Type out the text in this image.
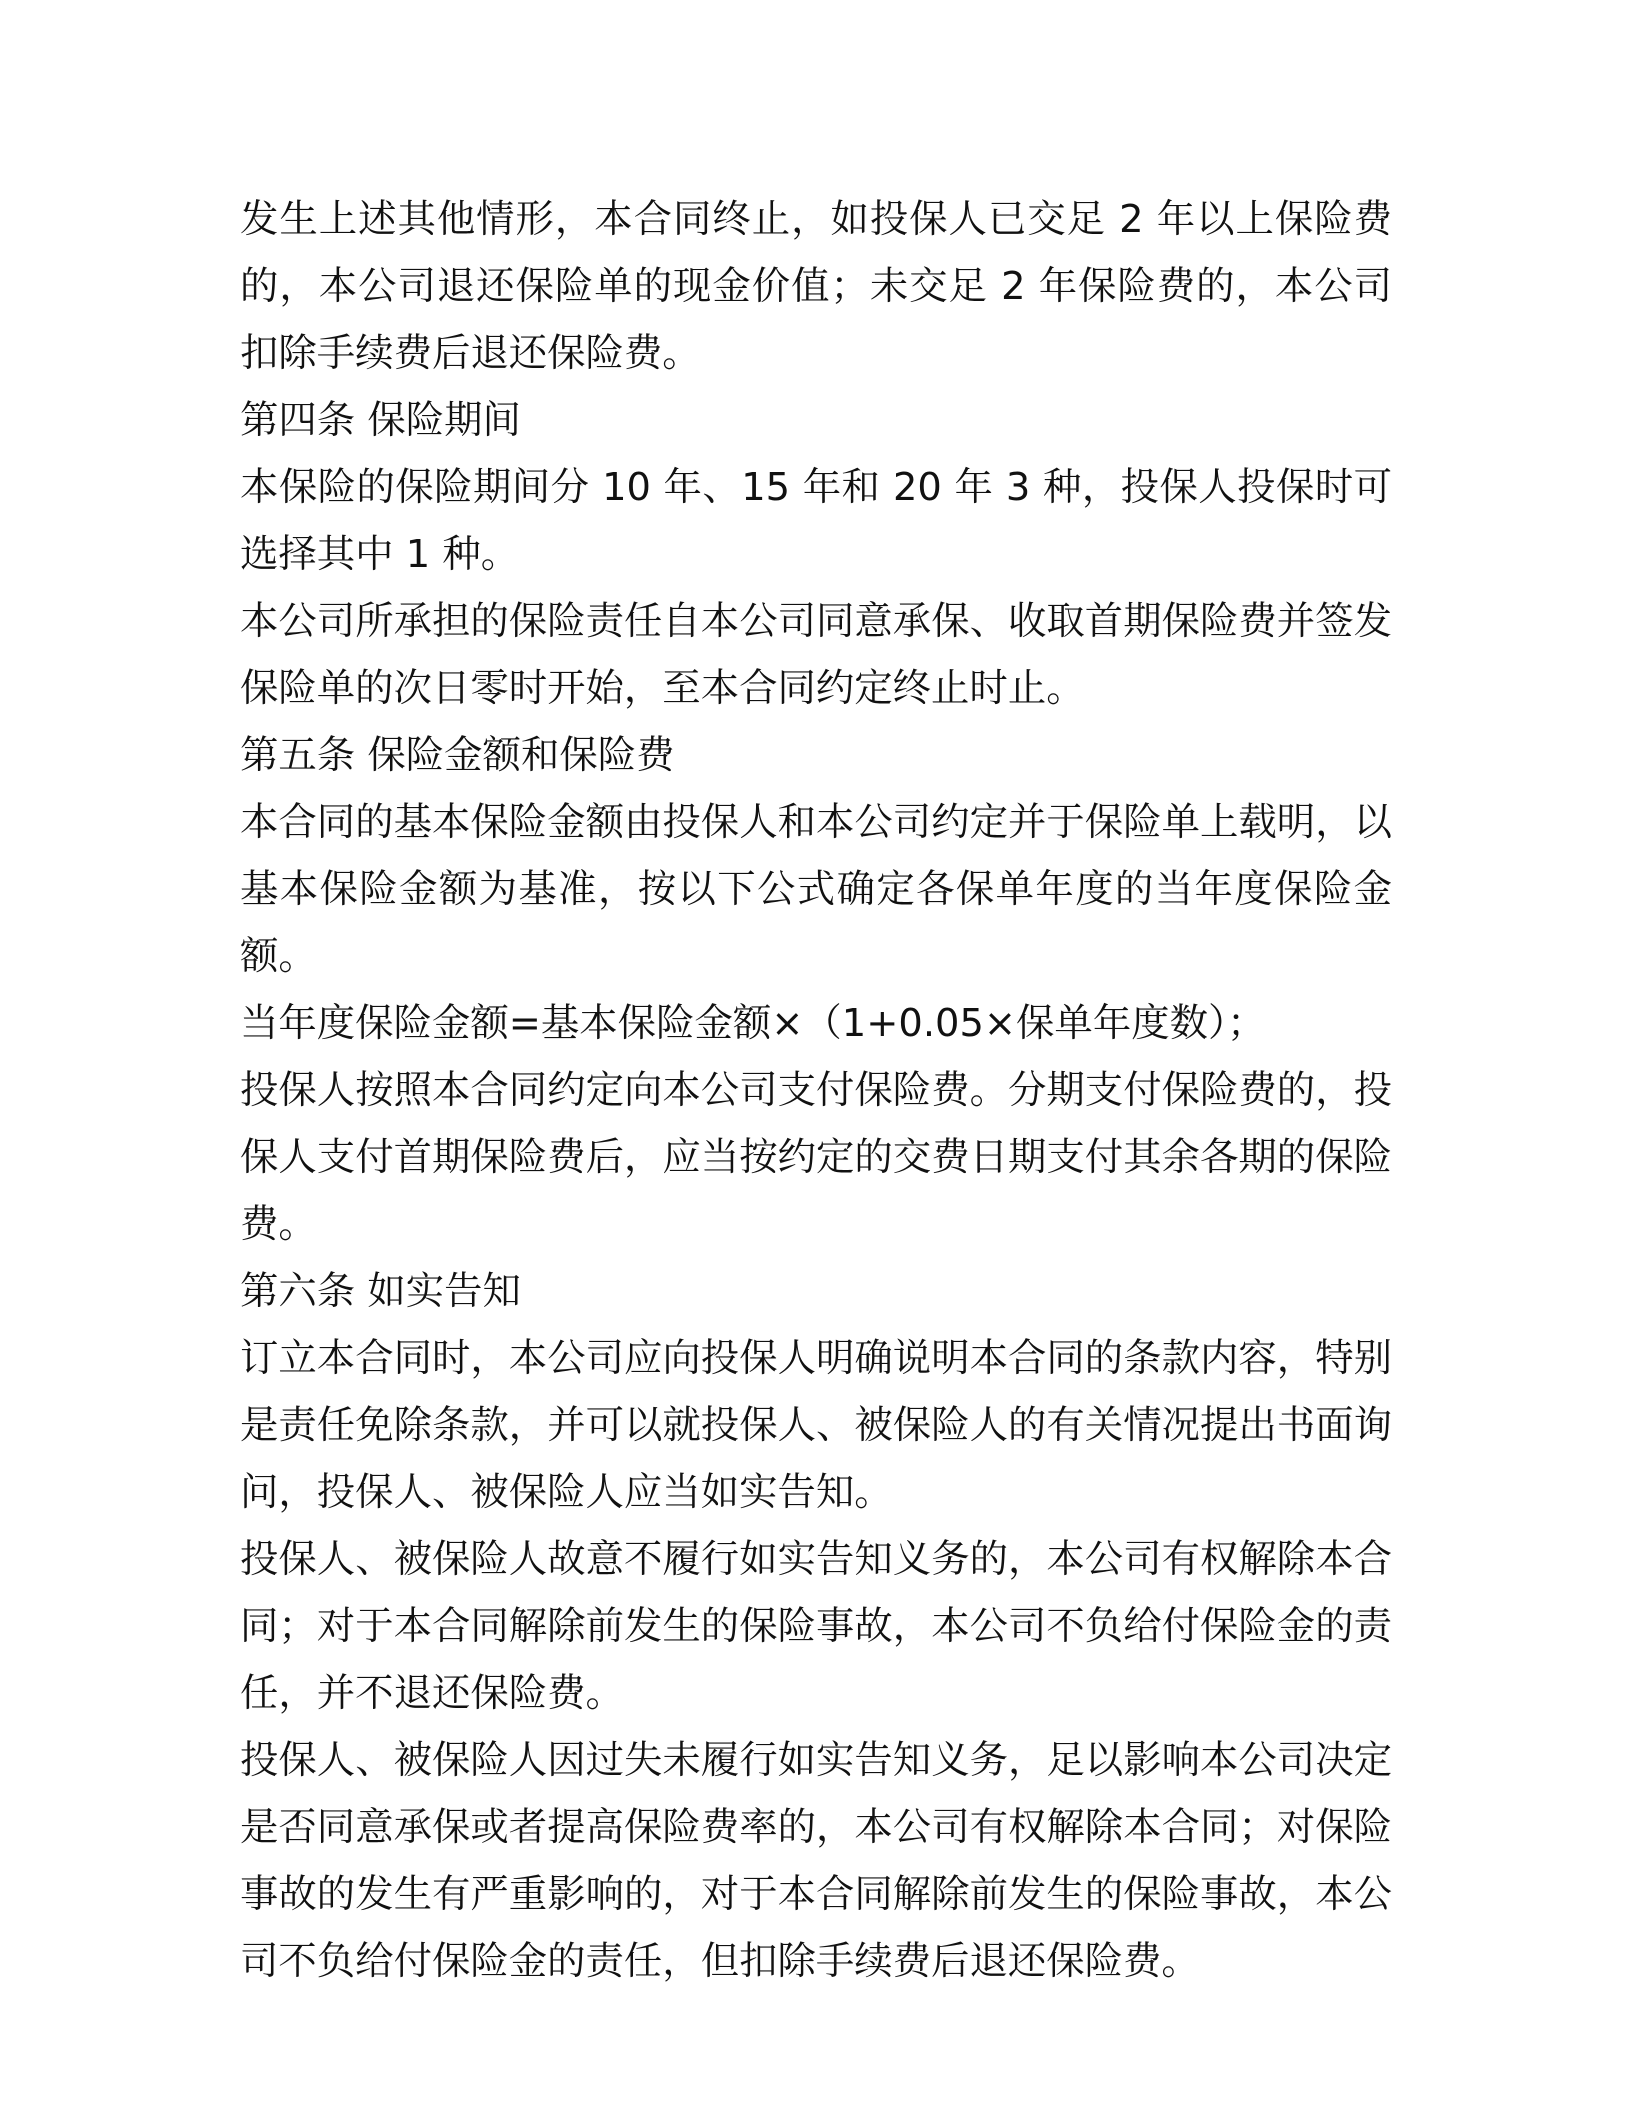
发生上述其他情形，本合同终止，如投保人已交足 2 年以上保险费的，本公司退还保险单的现金价值；未交足 2 年保险费的，本公司扣除手续费后退还保险费。

第四条 保险期间

本保险的保险期间分 10 年、15 年和 20 年 3 种，投保人投保时可选择其中 1 种。

本公司所承担的保险责任自本公司同意承保、收取首期保险费并签发保险单的次日零时开始，至本合同约定终止时止。

第五条 保险金额和保险费

本合同的基本保险金额由投保人和本公司约定并于保险单上载明，以基本保险金额为基准，按以下公式确定各保单年度的当年度保险金额。

当年度保险金额=基本保险金额×（1+0.05×保单年度数）；

投保人按照本合同约定向本公司支付保险费。分期支付保险费的，投保人支付首期保险费后，应当按约定的交费日期支付其余各期的保险费。

第六条 如实告知

订立本合同时，本公司应向投保人明确说明本合同的条款内容，特别是责任免除条款，并可以就投保人、被保险人的有关情况提出书面询问，投保人、被保险人应当如实告知。

投保人、被保险人故意不履行如实告知义务的，本公司有权解除本合同；对于本合同解除前发生的保险事故，本公司不负给付保险金的责任，并不退还保险费。

投保人、被保险人因过失未履行如实告知义务，足以影响本公司决定是否同意承保或者提高保险费率的，本公司有权解除本合同；对保险事故的发生有严重影响的，对于本合同解除前发生的保险事故，本公司不负给付保险金的责任，但扣除手续费后退还保险费。
